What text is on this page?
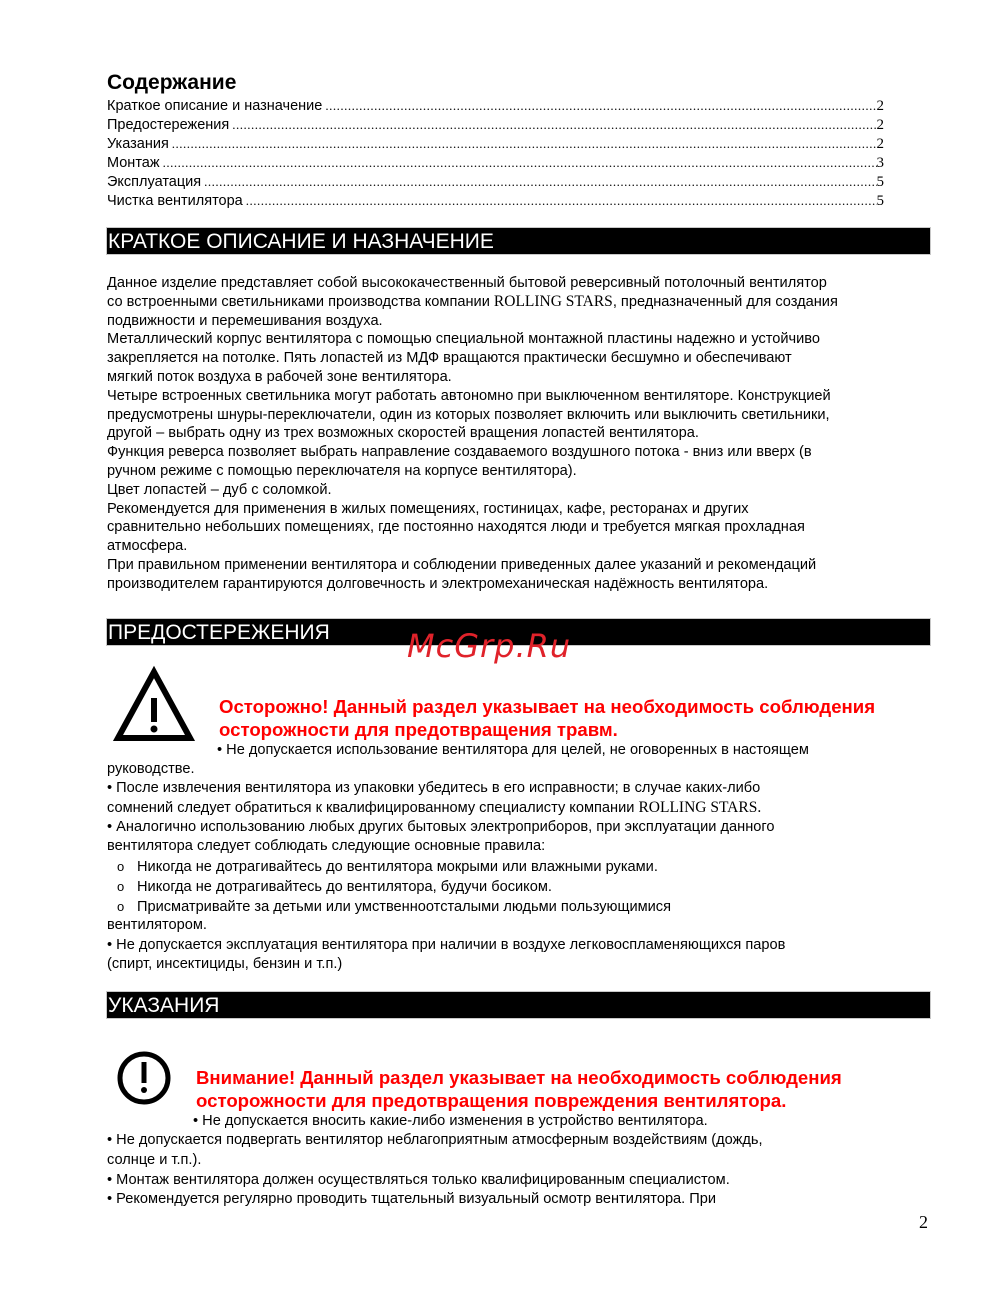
Содержание
Краткое описание и назначение .....	2
Предостережения .....	2
Указания .....	2
Монтаж .....	3
Эксплуатация .....	5
Чистка вентилятора .....	5
КРАТКОЕ ОПИСАНИЕ И НАЗНАЧЕНИЕ

Данное изделие представляет собой высококачественный бытовой реверсивный потолочный вентилятор

со встроенными светильниками производства компании ROLLING STARS, предназначенный для создания

подвижности и перемешивания воздуха.

Металлический корпус вентилятора с помощью специальной монтажной пластины надежно и устойчиво

закрепляется на потолке. Пять лопастей из МДФ вращаются практически бесшумно и обеспечивают

мягкий поток воздуха в рабочей зоне вентилятора.

Четыре встроенных светильника могут работать автономно при выключенном вентиляторе. Конструкцией

предусмотрены шнуры-переключатели, один из которых позволяет включить или выключить светильники,

другой – выбрать одну из трех возможных скоростей вращения лопастей вентилятора.

Функция реверса позволяет выбрать направление создаваемого воздушного потока - вниз или вверх (в

ручном режиме с помощью переключателя на корпусе вентилятора).

Цвет лопастей – дуб с соломкой.

Рекомендуется для применения в жилых помещениях, гостиницах, кафе, ресторанах и других

сравнительно небольших помещениях, где постоянно находятся люди и требуется мягкая прохладная

атмосфера.

При правильном применении вентилятора и соблюдении приведенных далее указаний и рекомендаций

производителем гарантируются долговечность и электромеханическая надёжность вентилятора.

ПРЕДОСТЕРЕЖЕНИЯ	McGrp.Ru
Осторожно! Данный раздел указывает на необходимость соблюдения
осторожности для предотвращения травм.
• Не допускается использование вентилятора для целей, не оговоренных в настоящем
руководстве.
• После извлечения вентилятора из упаковки убедитесь в его исправности; в случае каких-либо
сомнений следует обратиться к квалифицированному специалисту компании ROLLING STARS.
• Аналогично использованию любых других бытовых электроприборов, при эксплуатации данного
вентилятора следует соблюдать следующие основные правила:
o Никогда не дотрагивайтесь до вентилятора мокрыми или влажными руками.
o Никогда не дотрагивайтесь до вентилятора, будучи босиком.
o Присматривайте за детьми или умственноотсталыми людьми пользующимися
вентилятором.
• Не допускается эксплуатация вентилятора при наличии в воздухе легковоспламеняющихся паров
(спирт, инсектициды, бензин и т.п.)
УКАЗАНИЯ
Внимание! Данный раздел указывает на необходимость соблюдения
осторожности для предотвращения повреждения вентилятора.
• Не допускается вносить какие-либо изменения в устройство вентилятора.
• Не допускается подвергать вентилятор неблагоприятным атмосферным воздействиям (дождь,
солнце и т.п.).
• Монтаж вентилятора должен осуществляться только квалифицированным специалистом.
• Рекомендуется регулярно проводить тщательный визуальный осмотр вентилятора. При
2
